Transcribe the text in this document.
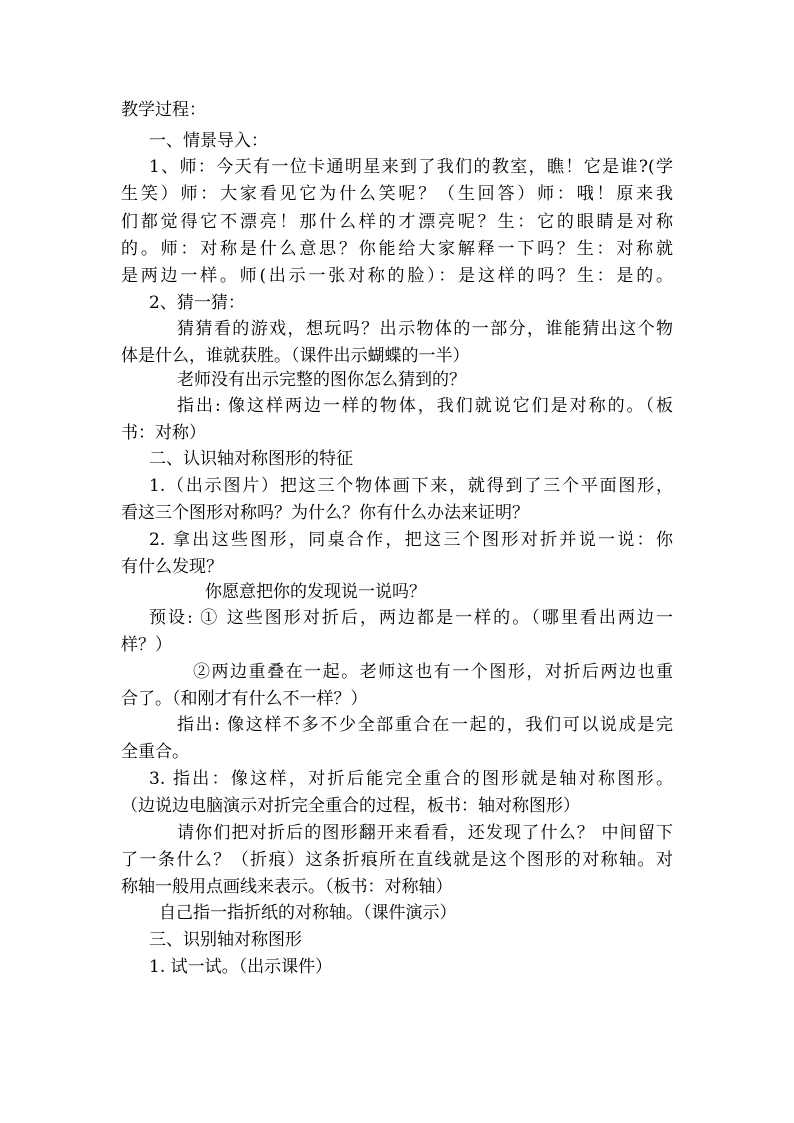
教学过程：
一、情景导入：
1、师：今天有一位卡通明星来到了我们的教室，瞧！它是谁?(学
生笑）师：大家看见它为什么笑呢？（生回答）师：哦！原来我
们都觉得它不漂亮！那什么样的才漂亮呢？生：它的眼睛是对称
的。师：对称是什么意思？你能给大家解释一下吗？生：对称就
是两边一样。师(出示一张对称的脸）：是这样的吗？生：是的。
2、猜一猜：
猜猜看的游戏，想玩吗？出示物体的一部分，谁能猜出这个物
体是什么，谁就获胜。（课件出示蝴蝶的一半）
老师没有出示完整的图你怎么猜到的？
指出: 像这样两边一样的物体，我们就说它们是对称的。（板
书：对称）
二、认识轴对称图形的特征
1.（出示图片）把这三个物体画下来，就得到了三个平面图形，
看这三个图形对称吗？为什么？你有什么办法来证明？
2. 拿出这些图形，同桌合作，把这三个图形对折并说一说：你
有什么发现？
你愿意把你的发现说一说吗？
预设: ① 这些图形对折后，两边都是一样的。（哪里看出两边一
样？）
②两边重叠在一起。老师这也有一个图形，对折后两边也重
合了。（和刚才有什么不一样？）
指出: 像这样不多不少全部重合在一起的，我们可以说成是完
全重合。
3. 指出：像这样，对折后能完全重合的图形就是轴对称图形。
（边说边电脑演示对折完全重合的过程，板书：轴对称图形）
请你们把对折后的图形翻开来看看，还发现了什么？ 中间留下
了一条什么？（折痕）这条折痕所在直线就是这个图形的对称轴。对
称轴一般用点画线来表示。（板书：对称轴）
自己指一指折纸的对称轴。（课件演示）
三、识别轴对称图形
1. 试一试。（出示课件）
